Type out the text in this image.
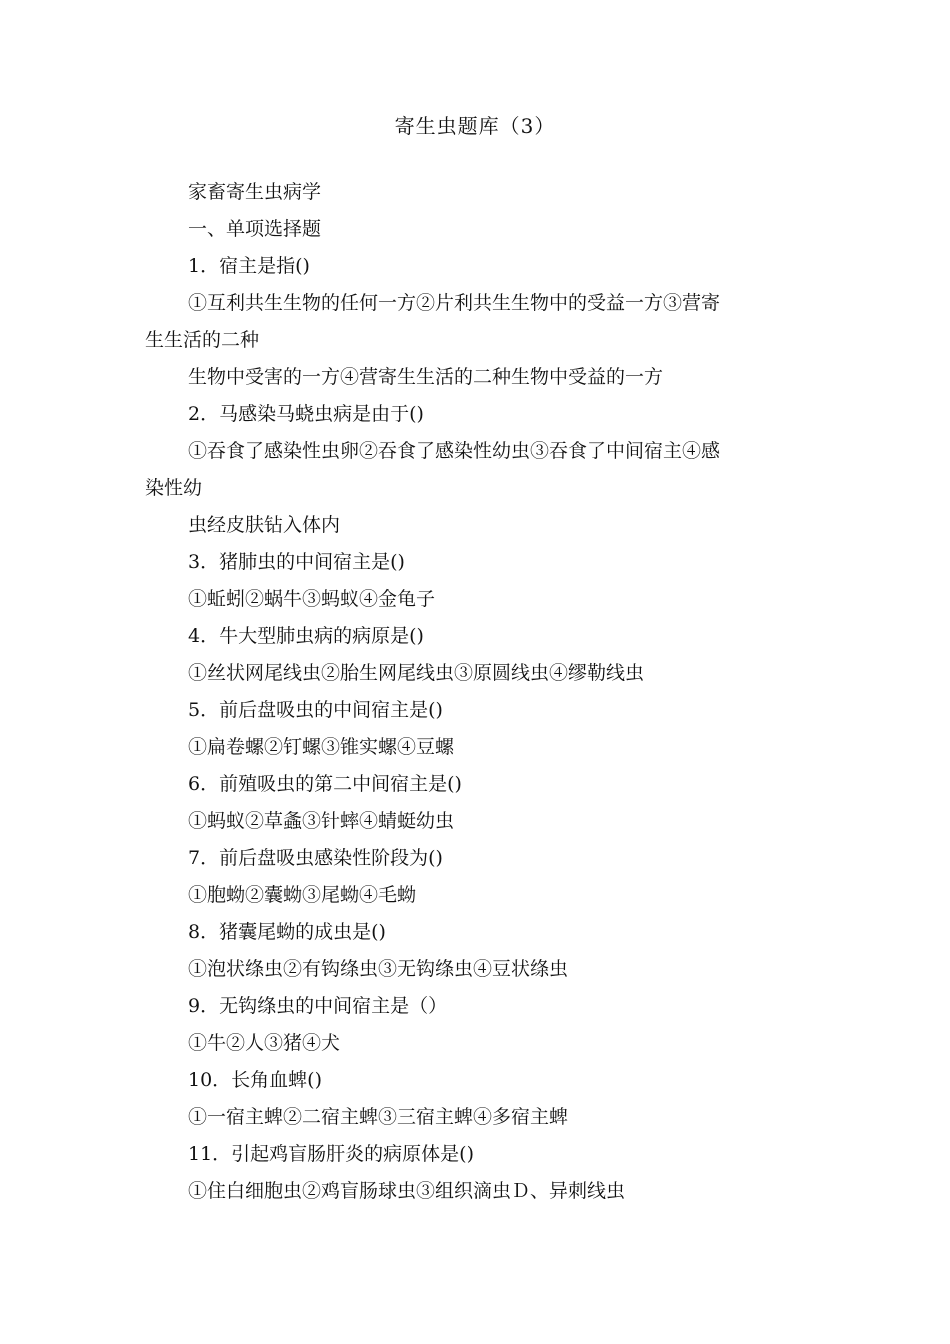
寄生虫题库（3）
家畜寄生虫病学
一、单项选择题
1．宿主是指()
①互利共生生物的任何一方②片利共生生物中的受益一方③营寄
生生活的二种
生物中受害的一方④营寄生生活的二种生物中受益的一方
2．马感染马蛲虫病是由于()
①吞食了感染性虫卵②吞食了感染性幼虫③吞食了中间宿主④感
染性幼
虫经皮肤钻入体内
3．猪肺虫的中间宿主是()
①蚯蚓②蜗牛③蚂蚁④金龟子
4．牛大型肺虫病的病原是()
①丝状网尾线虫②胎生网尾线虫③原圆线虫④缪勒线虫
5．前后盘吸虫的中间宿主是()
①扁卷螺②钉螺③锥实螺④豆螺
6．前殖吸虫的第二中间宿主是()
①蚂蚁②草螽③针蟀④蜻蜓幼虫
7．前后盘吸虫感染性阶段为()
①胞蚴②囊蚴③尾蚴④毛蚴
8．猪囊尾蚴的成虫是()
①泡状绦虫②有钩绦虫③无钩绦虫④豆状绦虫
9．无钩绦虫的中间宿主是（）
①牛②人③猪④犬
10．长角血蜱()
①一宿主蜱②二宿主蜱③三宿主蜱④多宿主蜱
11．引起鸡盲肠肝炎的病原体是()
①住白细胞虫②鸡盲肠球虫③组织滴虫Ｄ、异刺线虫
